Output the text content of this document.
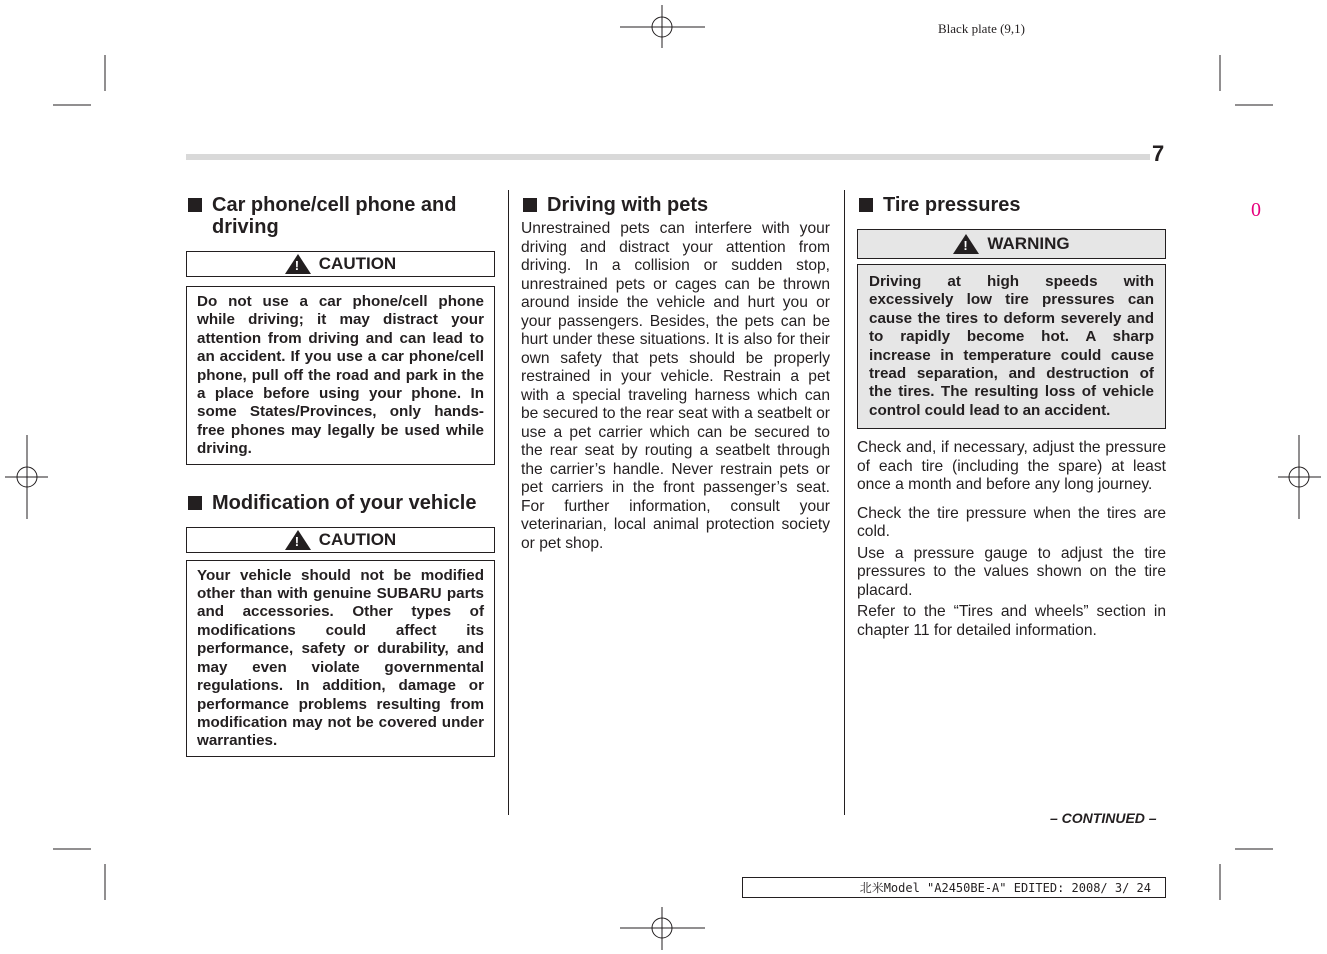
Black plate (9,1)
0
7
Car phone/cell phone and driving
! CAUTION
Do not use a car phone/cell phone while driving; it may distract your attention from driving and can lead to an accident. If you use a car phone/cell phone, pull off the road and park in the a place before using your phone. In some States/Provinces, only hands-free phones may legally be used while driving.
Modification of your vehicle
! CAUTION
Your vehicle should not be modified other than with genuine SUBARU parts and accessories. Other types of modifications could affect its performance, safety or durability, and may even violate governmental regulations. In addition, damage or performance problems resulting from modification may not be covered under warranties.
Driving with pets
Unrestrained pets can interfere with your driving and distract your attention from driving. In a collision or sudden stop, unrestrained pets or cages can be thrown around inside the vehicle and hurt you or your passengers. Besides, the pets can be hurt under these situations. It is also for their own safety that pets should be properly restrained in your vehicle. Restrain a pet with a special traveling harness which can be secured to the rear seat with a seatbelt or use a pet carrier which can be secured to the rear seat by routing a seatbelt through the carrier’s handle. Never restrain pets or pet carriers in the front passenger’s seat. For further information, consult your veterinarian, local animal protection society or pet shop.
Tire pressures
! WARNING
Driving at high speeds with excessively low tire pressures can cause the tires to deform severely and to rapidly become hot. A sharp increase in temperature could cause tread separation, and destruction of the tires. The resulting loss of vehicle control could lead to an accident.

Check and, if necessary, adjust the pressure of each tire (including the spare) at least once a month and before any long journey.

Check the tire pressure when the tires are cold.

Use a pressure gauge to adjust the tire pressures to the values shown on the tire placard.

Refer to the “Tires and wheels” section in chapter 11 for detailed information.

– CONTINUED –
北米Model "A2450BE-A" EDITED: 2008/ 3/ 24
